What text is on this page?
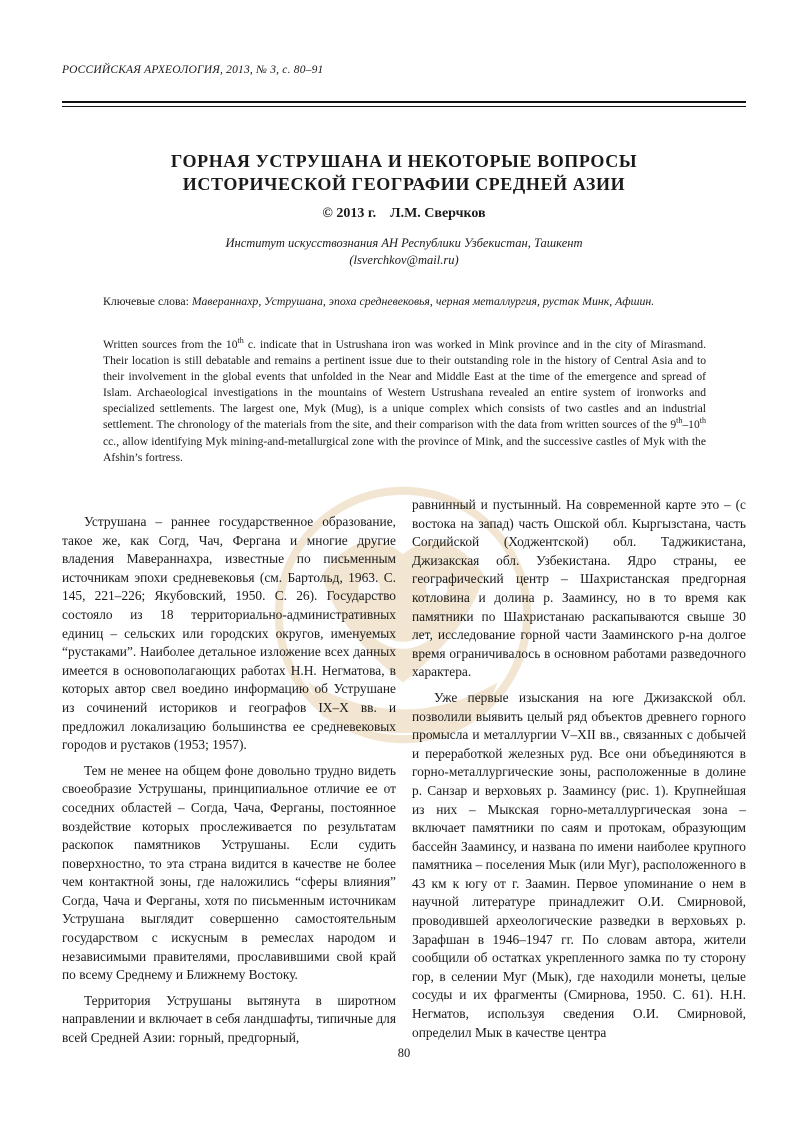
РОССИЙСКАЯ АРХЕОЛОГИЯ, 2013, № 3, с. 80–91
ГОРНАЯ УСТРУШАНА И НЕКОТОРЫЕ ВОПРОСЫ
ИСТОРИЧЕСКОЙ ГЕОГРАФИИ СРЕДНЕЙ АЗИИ
© 2013 г. Л.М. Сверчков
Институт искусствознания АН Республики Узбекистан, Ташкент
(lsverchkov@mail.ru)
Ключевые слова: Мавераннахр, Уструшана, эпоха средневековья, черная металлургия, рустак Минк, Афшин.
Written sources from the 10th c. indicate that in Ustrushana iron was worked in Mink province and in the city of Mirasmand. Their location is still debatable and remains a pertinent issue due to their outstanding role in the history of Central Asia and to their involvement in the global events that unfolded in the Near and Middle East at the time of the emergence and spread of Islam. Archaeological investigations in the mountains of Western Ustrushana revealed an entire system of ironworks and specialized settlements. The largest one, Myk (Mug), is a unique complex which consists of two castles and an industrial settlement. The chronology of the materials from the site, and their comparison with the data from written sources of the 9th–10th cc., allow identifying Myk mining-and-metallurgical zone with the province of Mink, and the successive castles of Myk with the Afshin’s fortress.

Уструшана – раннее государственное образование, такое же, как Согд, Чач, Фергана и многие другие владения Мавераннахра, известные по письменным источникам эпохи средневековья (см. Бартольд, 1963. С. 145, 221–226; Якубовский, 1950. С. 26). Государство состояло из 18 территориально-административных единиц – сельских или городских округов, именуемых “рустаками”. Наиболее детальное изложение всех данных имеется в основополагающих работах Н.Н. Негматова, в которых автор свел воедино информацию об Уструшане из сочинений историков и географов IX–X вв. и предложил локализацию большинства ее средневековых городов и рустаков (1953; 1957).

Тем не менее на общем фоне довольно трудно видеть своеобразие Уструшаны, принципиальное отличие ее от соседних областей – Согда, Чача, Ферганы, постоянное воздействие которых прослеживается по результатам раскопок памятников Уструшаны. Если судить поверхностно, то эта страна видится в качестве не более чем контактной зоны, где наложились “сферы влияния” Согда, Чача и Ферганы, хотя по письменным источникам Уструшана выглядит совершенно самостоятельным государством с искусным в ремеслах народом и независимыми правителями, прославившими свой край по всему Среднему и Ближнему Востоку.

Территория Уструшаны вытянута в широтном направлении и включает в себя ландшафты, типичные для всей Средней Азии: горный, предгорный,

равнинный и пустынный. На современной карте это – (с востока на запад) часть Ошской обл. Кыргызстана, часть Согдийской (Ходжентской) обл. Таджикистана, Джизакская обл. Узбекистана. Ядро страны, ее географический центр – Шахристанская предгорная котловина и долина р. Зааминсу, но в то время как памятники по Шахристанаю раскапываются свыше 30 лет, исследование горной части Зааминского р-на долгое время ограничивалось в основном работами разведочного характера.

Уже первые изыскания на юге Джизакской обл. позволили выявить целый ряд объектов древнего горного промысла и металлургии V–XII вв., связанных с добычей и переработкой железных руд. Все они объединяются в горно-металлургические зоны, расположенные в долине р. Санзар и верховьях р. Зааминсу (рис. 1). Крупнейшая из них – Мыкская горно-металлургическая зона – включает памятники по саям и протокам, образующим бассейн Зааминсу, и названа по имени наиболее крупного памятника – поселения Мык (или Муг), расположенного в 43 км к югу от г. Заамин. Первое упоминание о нем в научной литературе принадлежит О.И. Смирновой, проводившей археологические разведки в верховьях р. Зарафшан в 1946–1947 гг. По словам автора, жители сообщили об остатках укрепленного замка по ту сторону гор, в селении Муг (Мык), где находили монеты, целые сосуды и их фрагменты (Смирнова, 1950. С. 61). Н.Н. Негматов, используя сведения О.И. Смирновой, определил Мык в качестве центра

80
